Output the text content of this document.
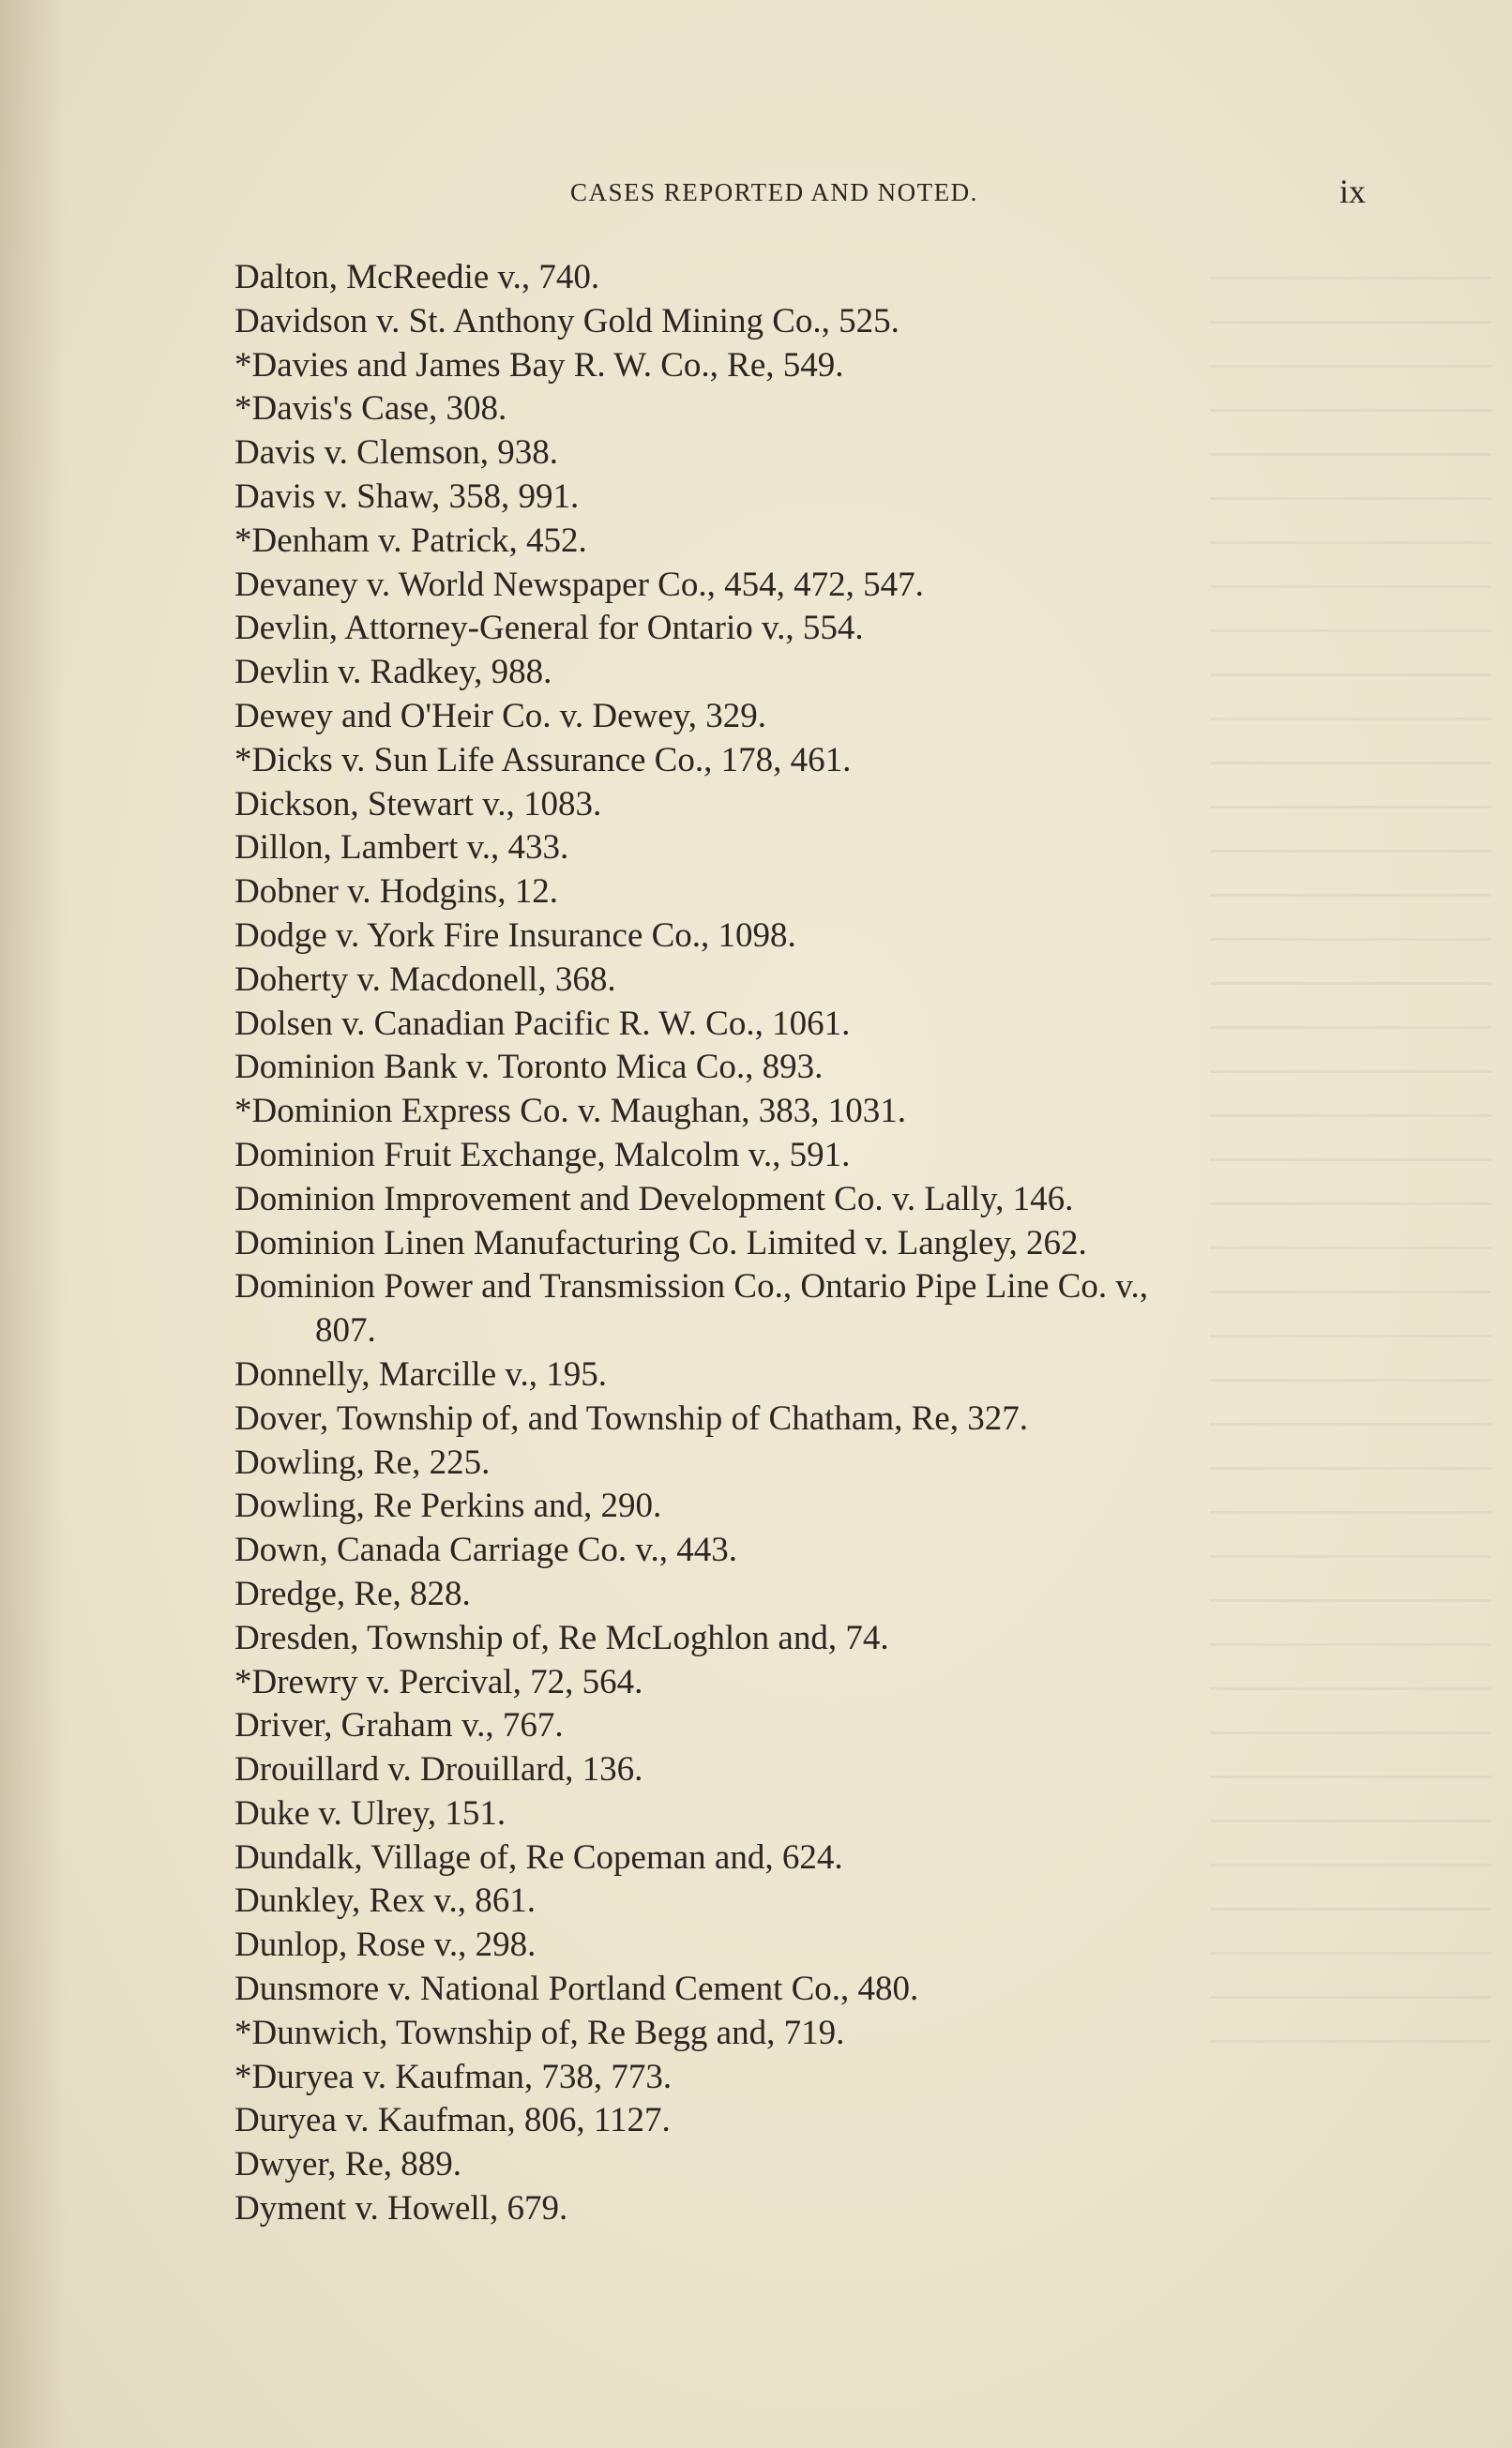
CASES REPORTED AND NOTED.	ix
Dalton, McReedie v., 740.
Davidson v. St. Anthony Gold Mining Co., 525.
*Davies and James Bay R. W. Co., Re, 549.
*Davis's Case, 308.
Davis v. Clemson, 938.
Davis v. Shaw, 358, 991.
*Denham v. Patrick, 452.
Devaney v. World Newspaper Co., 454, 472, 547.
Devlin, Attorney-General for Ontario v., 554.
Devlin v. Radkey, 988.
Dewey and O'Heir Co. v. Dewey, 329.
*Dicks v. Sun Life Assurance Co., 178, 461.
Dickson, Stewart v., 1083.
Dillon, Lambert v., 433.
Dobner v. Hodgins, 12.
Dodge v. York Fire Insurance Co., 1098.
Doherty v. Macdonell, 368.
Dolsen v. Canadian Pacific R. W. Co., 1061.
Dominion Bank v. Toronto Mica Co., 893.
*Dominion Express Co. v. Maughan, 383, 1031.
Dominion Fruit Exchange, Malcolm v., 591.
Dominion Improvement and Development Co. v. Lally, 146.
Dominion Linen Manufacturing Co. Limited v. Langley, 262.
Dominion Power and Transmission Co., Ontario Pipe Line Co. v.,
807.
Donnelly, Marcille v., 195.
Dover, Township of, and Township of Chatham, Re, 327.
Dowling, Re, 225.
Dowling, Re Perkins and, 290.
Down, Canada Carriage Co. v., 443.
Dredge, Re, 828.
Dresden, Township of, Re McLoghlon and, 74.
*Drewry v. Percival, 72, 564.
Driver, Graham v., 767.
Drouillard v. Drouillard, 136.
Duke v. Ulrey, 151.
Dundalk, Village of, Re Copeman and, 624.
Dunkley, Rex v., 861.
Dunlop, Rose v., 298.
Dunsmore v. National Portland Cement Co., 480.
*Dunwich, Township of, Re Begg and, 719.
*Duryea v. Kaufman, 738, 773.
Duryea v. Kaufman, 806, 1127.
Dwyer, Re, 889.
Dyment v. Howell, 679.
